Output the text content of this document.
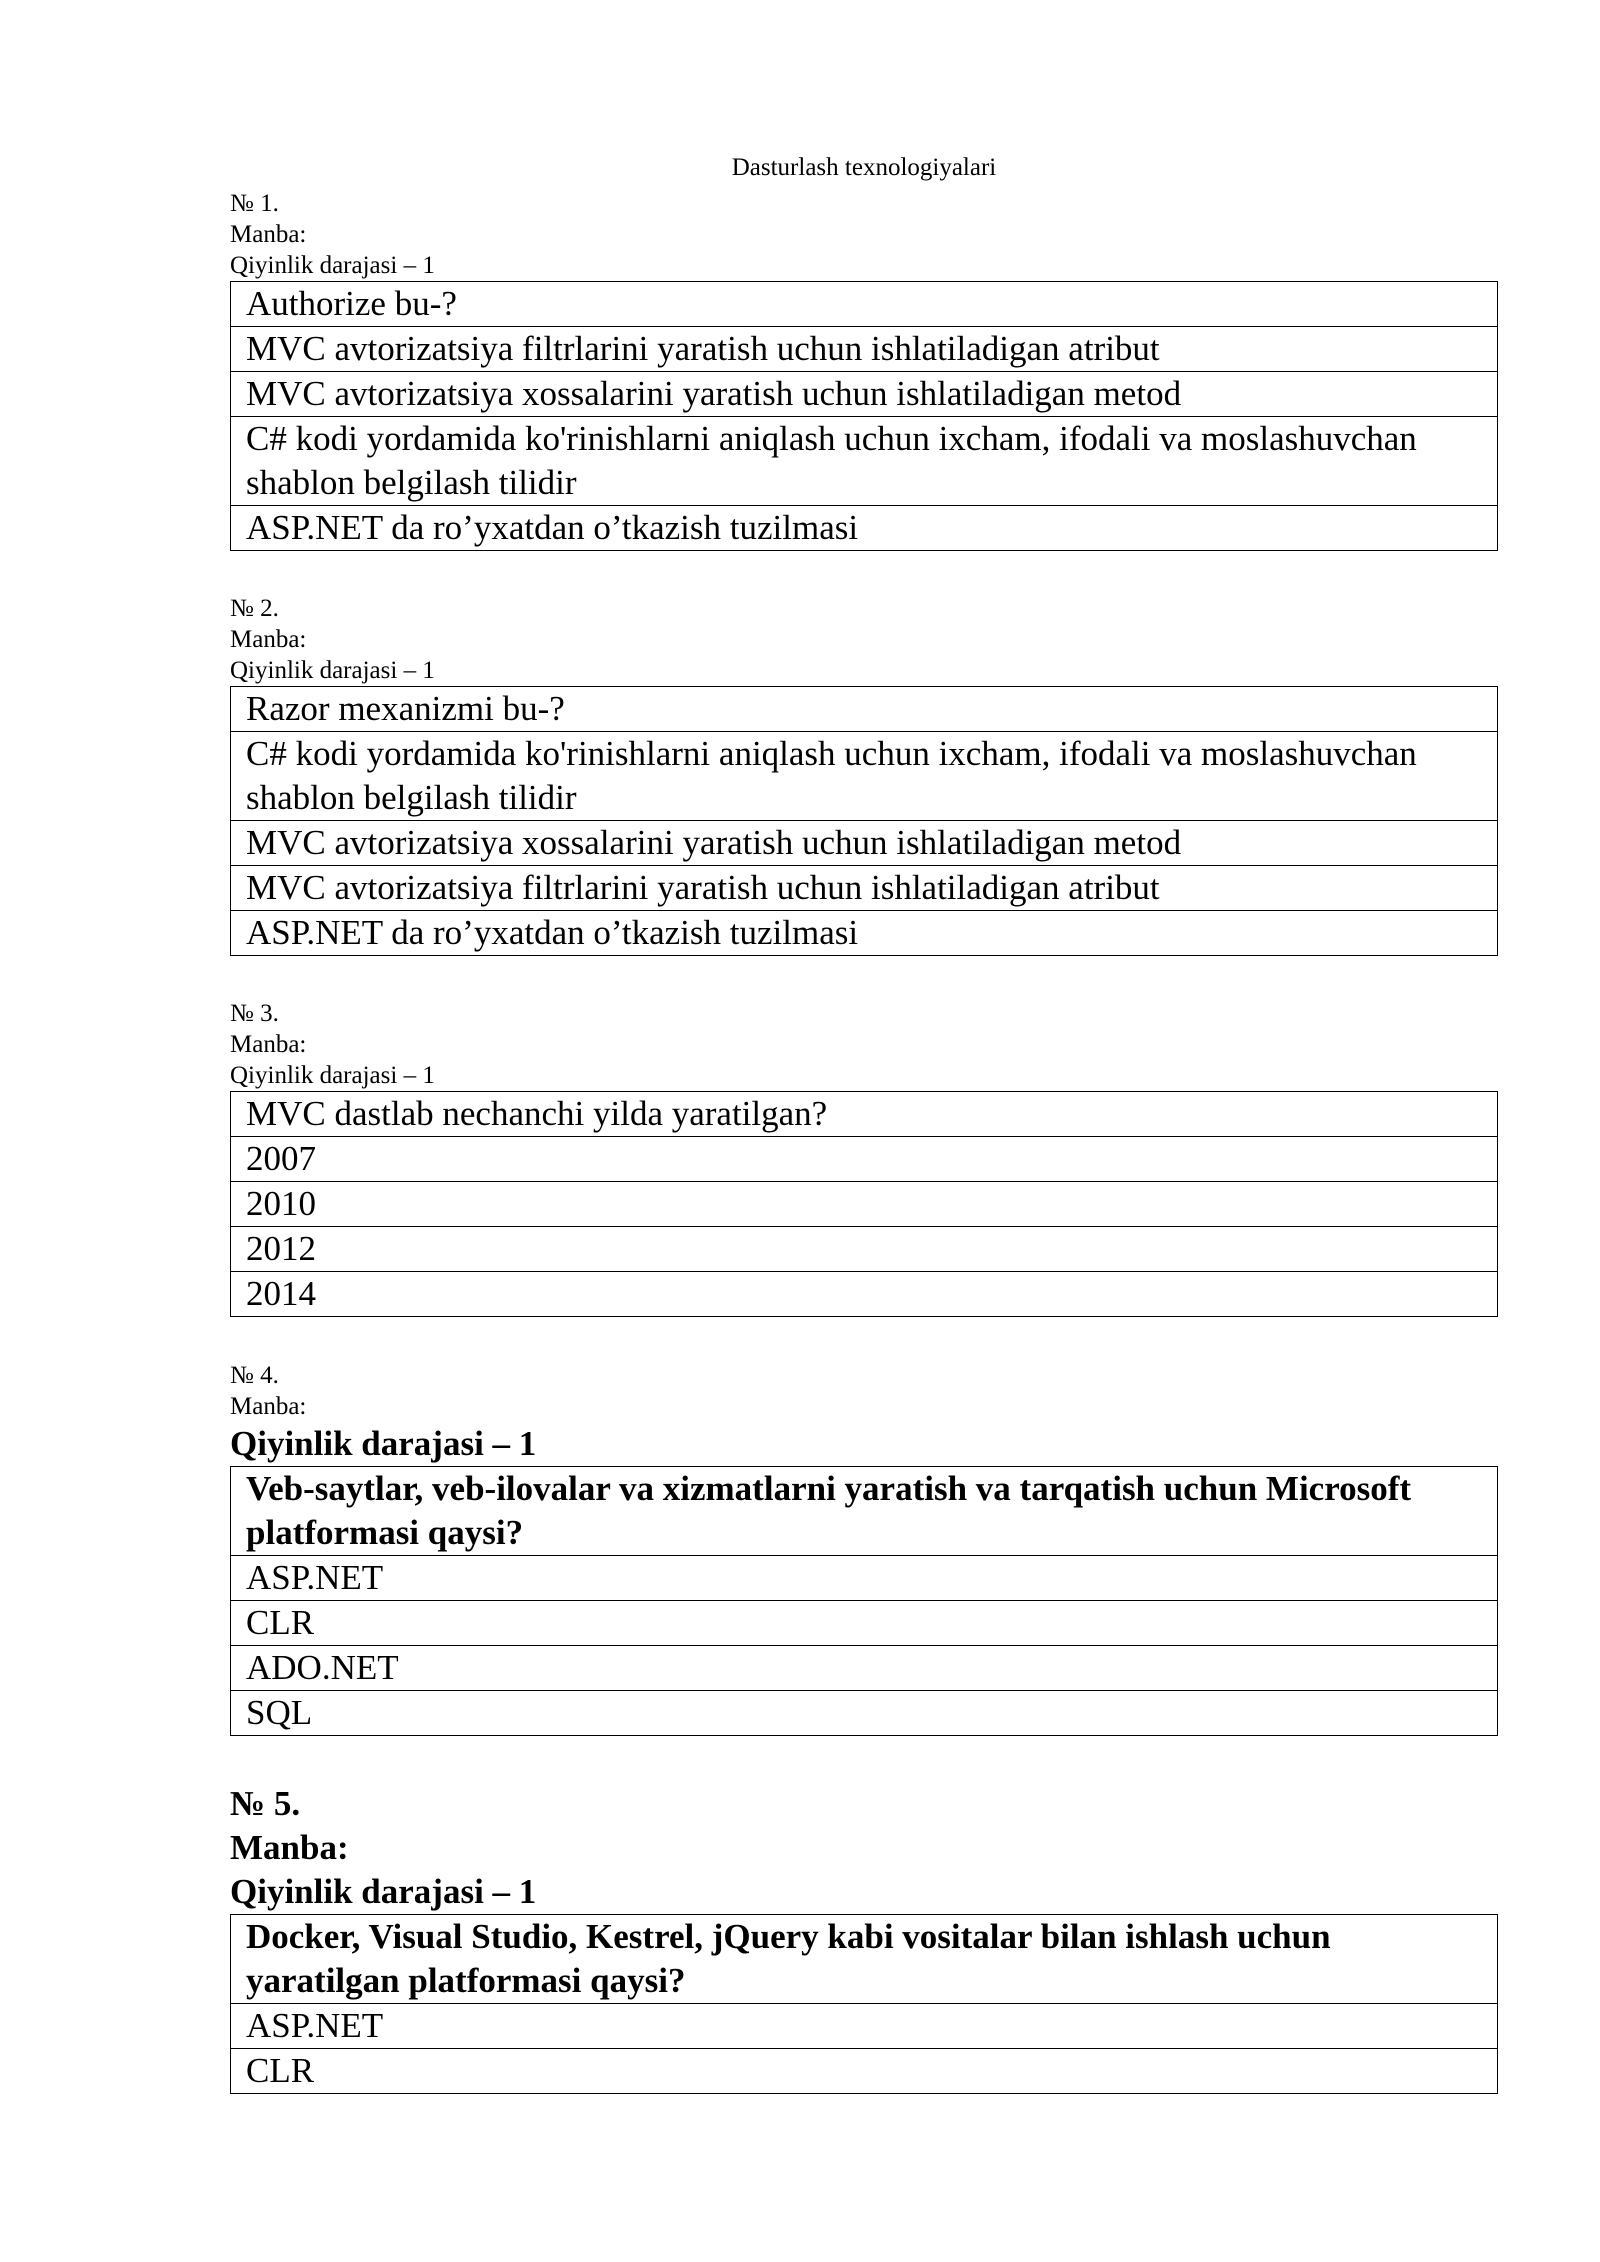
Dasturlash texnologiyalari
№ 1.
Manba:
Qiyinlik darajasi – 1
Authorize bu-?
MVC avtorizatsiya filtrlarini yaratish uchun ishlatiladigan atribut
MVC avtorizatsiya xossalarini yaratish uchun ishlatiladigan metod
C# kodi yordamida ko'rinishlarni aniqlash uchun ixcham, ifodali va moslashuvchan shablon belgilash tilidir
ASP.NET da ro’yxatdan o’tkazish tuzilmasi
№ 2.
Manba:
Qiyinlik darajasi – 1
Razor mexanizmi bu-?
C# kodi yordamida ko'rinishlarni aniqlash uchun ixcham, ifodali va moslashuvchan shablon belgilash tilidir
MVC avtorizatsiya xossalarini yaratish uchun ishlatiladigan metod
MVC avtorizatsiya filtrlarini yaratish uchun ishlatiladigan atribut
ASP.NET da ro’yxatdan o’tkazish tuzilmasi
№ 3.
Manba:
Qiyinlik darajasi – 1
MVC dastlab nechanchi yilda yaratilgan?
2007
2010
2012
2014
№ 4.
Manba:
Qiyinlik darajasi – 1
Veb-saytlar, veb-ilovalar va xizmatlarni yaratish va tarqatish uchun Microsoft platformasi qaysi?
ASP.NET
CLR
ADO.NET
SQL
№ 5.
Manba:
Qiyinlik darajasi – 1
Docker, Visual Studio, Kestrel, jQuery kabi vositalar bilan ishlash uchun yaratilgan platformasi qaysi?
ASP.NET
CLR
